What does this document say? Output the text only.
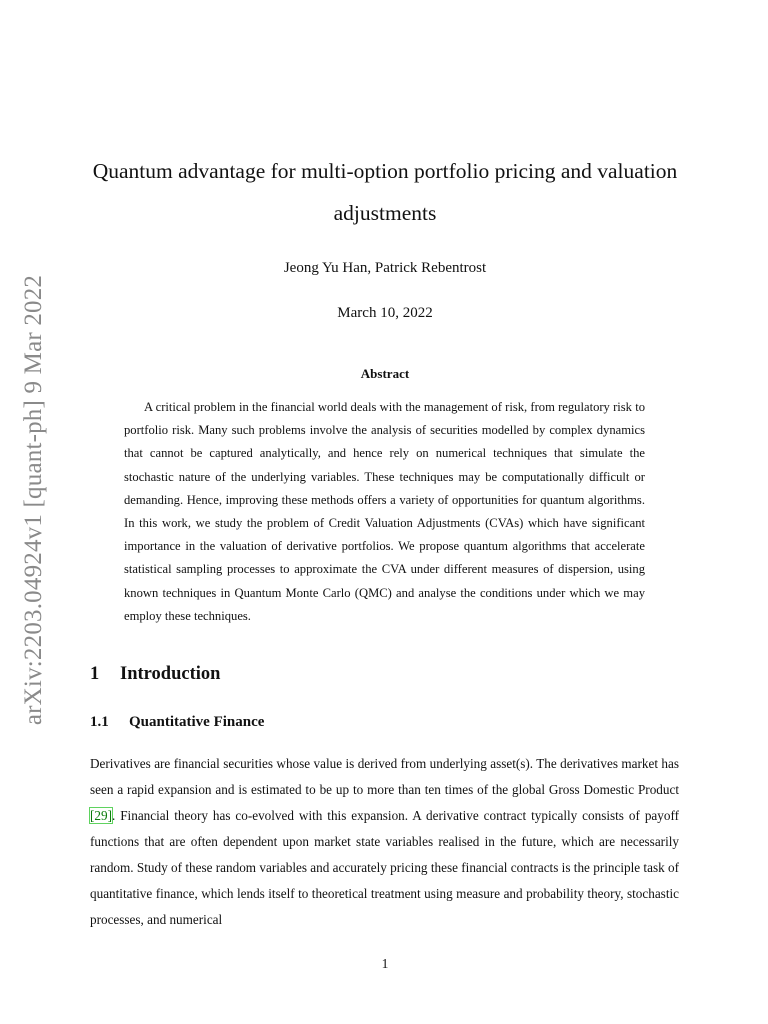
arXiv:2203.04924v1 [quant-ph] 9 Mar 2022
Quantum advantage for multi-option portfolio pricing and valuation adjustments
Jeong Yu Han, Patrick Rebentrost
March 10, 2022
Abstract

A critical problem in the financial world deals with the management of risk, from regulatory risk to portfolio risk. Many such problems involve the analysis of securities modelled by complex dynamics that cannot be captured analytically, and hence rely on numerical techniques that simulate the stochastic nature of the underlying variables. These techniques may be computationally difficult or demanding. Hence, improving these methods offers a variety of opportunities for quantum algorithms. In this work, we study the problem of Credit Valuation Adjustments (CVAs) which have significant importance in the valuation of derivative portfolios. We propose quantum algorithms that accelerate statistical sampling processes to approximate the CVA under different measures of dispersion, using known techniques in Quantum Monte Carlo (QMC) and analyse the conditions under which we may employ these techniques.

1 Introduction
1.1 Quantitative Finance

Derivatives are financial securities whose value is derived from underlying asset(s). The derivatives market has seen a rapid expansion and is estimated to be up to more than ten times of the global Gross Domestic Product [29]. Financial theory has co-evolved with this expansion. A derivative contract typically consists of payoff functions that are often dependent upon market state variables realised in the future, which are necessarily random. Study of these random variables and accurately pricing these financial contracts is the principle task of quantitative finance, which lends itself to theoretical treatment using measure and probability theory, stochastic processes, and numerical

1
